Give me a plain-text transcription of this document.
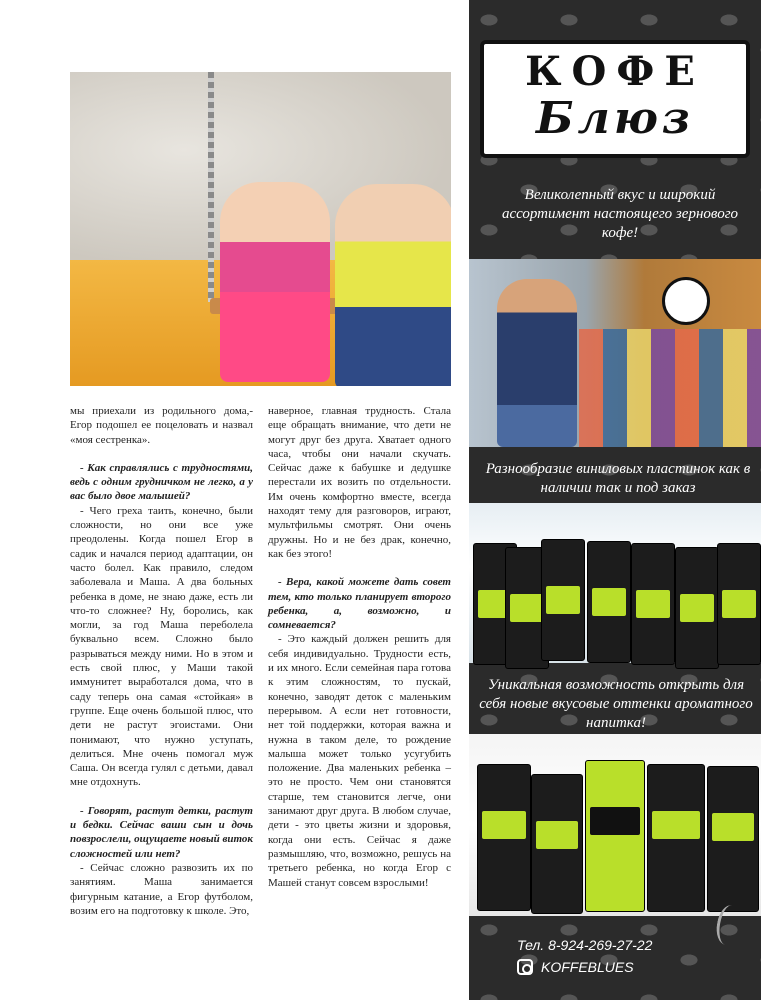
мы приехали из родильного дома,- Егор подошел ее поцеловать и назвал «моя сестренка».

- Как справлялись с трудностями, ведь с одним грудничком не легко, а у вас было двое малышей?

- Чего греха таить, конечно, были сложности, но они все уже преодолены. Когда пошел Егор в садик и начался период адаптации, он часто болел. Как правило, следом заболевала и Маша. А два больных ребенка в доме, не знаю даже, есть ли что-то сложнее? Ну, боролись, как могли, за год Маша переболела буквально всем. Сложно было разрываться между ними. Но в этом и есть свой плюс, у Маши такой иммунитет выработался дома, что в саду теперь она самая «стойкая» в группе. Еще очень большой плюс, что дети не растут эгоистами. Они понимают, что нужно уступать, делиться. Мне очень помогал муж Саша. Он всегда гулял с детьми, давал мне отдохнуть.

- Говорят, растут детки, растут и бедки. Сейчас ваши сын и дочь повзрослели, ощущаете новый виток сложностей или нет?

- Сейчас сложно развозить их по занятиям. Маша занимается фигурным катание, а Егор футболом, возим его на подготовку к школе. Это,

наверное, главная трудность. Стала еще обращать внимание, что дети не могут друг без друга. Хватает одного часа, чтобы они начали скучать. Сейчас даже к бабушке и дедушке перестали их возить по отдельности. Им очень комфортно вместе, всегда находят тему для разговоров, играют, мультфильмы смотрят. Они очень дружны. Но и не без драк, конечно, как без этого!

- Вера, какой можете дать совет тем, кто только планирует второго ребенка, а, возможно, и сомневается?

- Это каждый должен решить для себя индивидуально. Трудности есть, и их много. Если семейная пара готова к этим сложностям, то пускай, конечно, заводят деток с маленьким перерывом. А если нет готовности, нет той поддержки, которая важна и нужна в таком деле, то рождение малыша может только усугубить положение. Два маленьких ребенка – это не просто. Чем они становятся старше, тем становится легче, они занимают друг друга. В любом случае, дети - это цветы жизни и здоровья, когда они есть. Сейчас я даже размышляю, что, возможно, решусь на третьего ребенка, но когда Егор с Машей станут совсем взрослыми!

КОФЕ
Блюз
Великолепный вкус и широкий ассортимент настоящего зернового кофе!
Разнообразие виниловых пластинок как в наличии так и под заказ
Уникальная возможность открыть для себя новые вкусовые оттенки ароматного напитка!
Тел. 8-924-269-27-22
KOFFEBLUES
